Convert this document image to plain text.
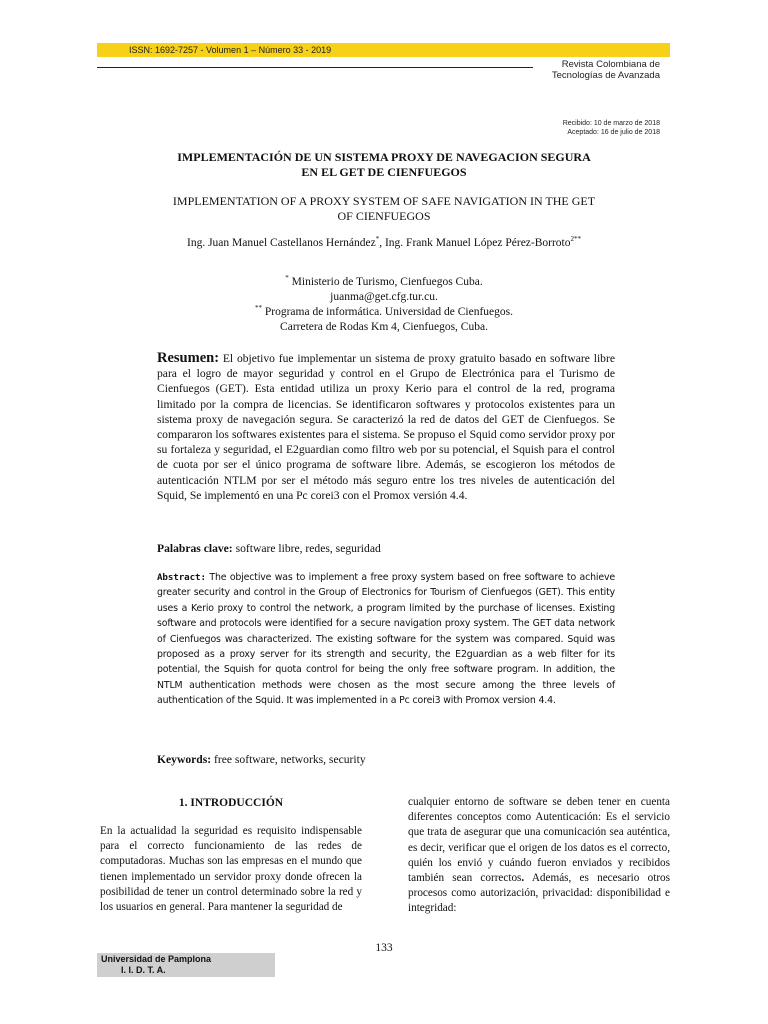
ISSN: 1692-7257 - Volumen 1 – Número 33 - 2019
Revista Colombiana de
Tecnologías de Avanzada
Recibido: 10 de marzo de 2018
Aceptado: 16 de julio de 2018
IMPLEMENTACIÓN DE UN SISTEMA PROXY DE NAVEGACION SEGURA
EN EL GET DE CIENFUEGOS
IMPLEMENTATION OF A PROXY SYSTEM OF SAFE NAVIGATION IN THE GET
OF CIENFUEGOS
Ing. Juan Manuel Castellanos Hernández*, Ing. Frank Manuel López Pérez-Borroto$^{2**}$
* Ministerio de Turismo, Cienfuegos Cuba.
juanma@get.cfg.tur.cu.
** Programa de informática. Universidad de Cienfuegos.
Carretera de Rodas Km 4, Cienfuegos, Cuba.
Resumen: El objetivo fue implementar un sistema de proxy gratuito basado en software libre para el logro de mayor seguridad y control en el Grupo de Electrónica para el Turismo de Cienfuegos (GET). Esta entidad utiliza un proxy Kerio para el control de la red, programa limitado por la compra de licencias. Se identificaron softwares y protocolos existentes para un sistema proxy de navegación segura. Se caracterizó la red de datos del GET de Cienfuegos. Se compararon los softwares existentes para el sistema. Se propuso el Squid como servidor proxy por su fortaleza y seguridad, el E2guardian como filtro web por su potencial, el Squish para el control de cuota por ser el único programa de software libre. Además, se escogieron los métodos de autenticación NTLM por ser el método más seguro entre los tres niveles de autenticación del Squid, Se implementó en una Pc corei3 con el Promox versión 4.4.
Palabras clave: software libre, redes, seguridad
Abstract: The objective was to implement a free proxy system based on free software to achieve greater security and control in the Group of Electronics for Tourism of Cienfuegos (GET). This entity uses a Kerio proxy to control the network, a program limited by the purchase of licenses. Existing software and protocols were identified for a secure navigation proxy system. The GET data network of Cienfuegos was characterized. The existing software for the system was compared. Squid was proposed as a proxy server for its strength and security, the E2guardian as a web filter for its potential, the Squish for quota control for being the only free software program. In addition, the NTLM authentication methods were chosen as the most secure among the three levels of authentication of the Squid. It was implemented in a Pc corei3 with Promox version 4.4.
Keywords: free software, networks, security
1. INTRODUCCIÓN
En la actualidad la seguridad es requisito indispensable para el correcto funcionamiento de las redes de computadoras. Muchas son las empresas en el mundo que tienen implementado un servidor proxy donde ofrecen la posibilidad de tener un control determinado sobre la red y los usuarios en general. Para mantener la seguridad de
cualquier entorno de software se deben tener en cuenta diferentes conceptos como Autenticación: Es el servicio que trata de asegurar que una comunicación sea auténtica, es decir, verificar que el origen de los datos es el correcto, quién los envió y cuándo fueron enviados y recibidos también sean correctos. Además, es necesario otros procesos como autorización, privacidad: disponibilidad e integridad:
133
Universidad de Pamplona
I. I. D. T. A.
